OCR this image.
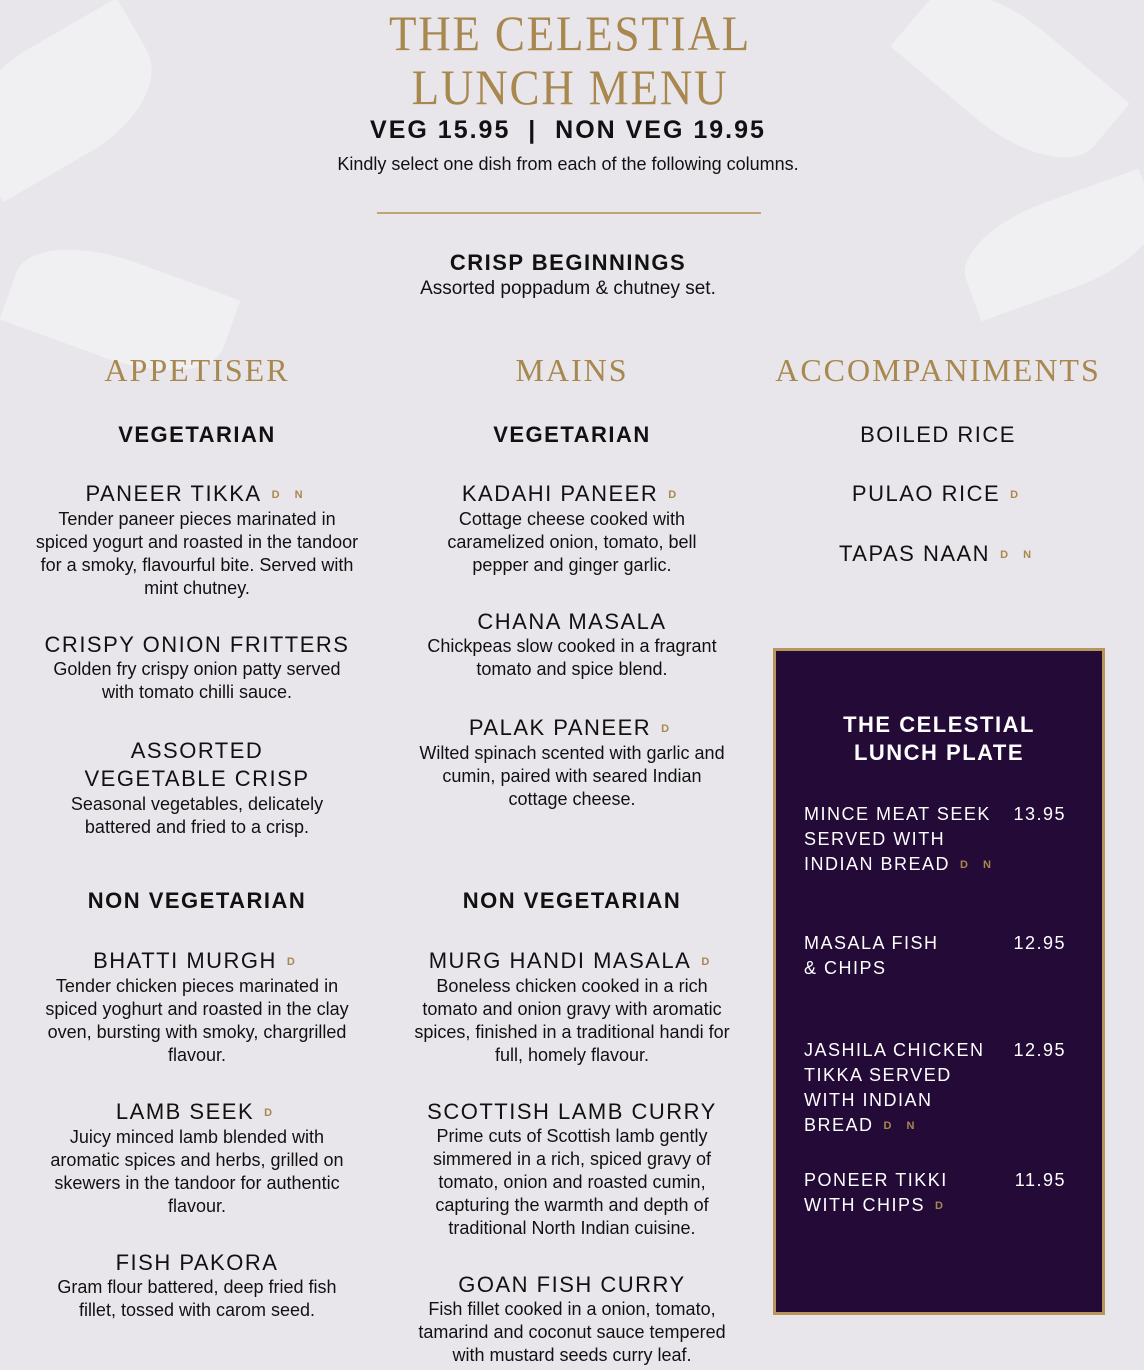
THE CELESTIAL
LUNCH MENU
VEG 15.95  |  NON VEG 19.95
Kindly select one dish from each of the following columns.
CRISP BEGINNINGS
Assorted poppadum & chutney set.
APPETISER	MAINS	ACCOMPANIMENTS
VEGETARIAN	VEGETARIAN
NON VEGETARIAN	NON VEGETARIAN
PANEER TIKKA D N
Tender paneer pieces marinated in spiced yogurt and roasted in the tandoor for a smoky, flavourful bite. Served with mint chutney.
CRISPY ONION FRITTERS
Golden fry crispy onion patty served with tomato chilli sauce.
ASSORTED VEGETABLE CRISP
Seasonal vegetables, delicately battered and fried to a crisp.
BHATTI MURGH D
Tender chicken pieces marinated in spiced yoghurt and roasted in the clay oven, bursting with smoky, chargrilled flavour.
LAMB SEEK D
Juicy minced lamb blended with aromatic spices and herbs, grilled on skewers in the tandoor for authentic flavour.
FISH PAKORA
Gram flour battered, deep fried fish fillet, tossed with carom seed.
KADAHI PANEER D
Cottage cheese cooked with caramelized onion, tomato, bell pepper and ginger garlic.
CHANA MASALA
Chickpeas slow cooked in a fragrant tomato and spice blend.
PALAK PANEER D
Wilted spinach scented with garlic and cumin, paired with seared Indian cottage cheese.
MURG HANDI MASALA D
Boneless chicken cooked in a rich tomato and onion gravy with aromatic spices, finished in a traditional handi for full, homely flavour.
SCOTTISH LAMB CURRY
Prime cuts of Scottish lamb gently simmered in a rich, spiced gravy of tomato, onion and roasted cumin, capturing the warmth and depth of traditional North Indian cuisine.
GOAN FISH CURRY
Fish fillet cooked in a onion, tomato, tamarind and coconut sauce tempered with mustard seeds curry leaf.
BOILED RICE
PULAO RICE D
TAPAS NAAN D N
THE CELESTIAL LUNCH PLATE
MINCE MEAT SEEK SERVED WITH INDIAN BREAD D N
13.95
MASALA FISH & CHIPS
12.95
JASHILA CHICKEN TIKKA SERVED WITH INDIAN BREAD D N
12.95
PONEER TIKKI WITH CHIPS D
11.95
